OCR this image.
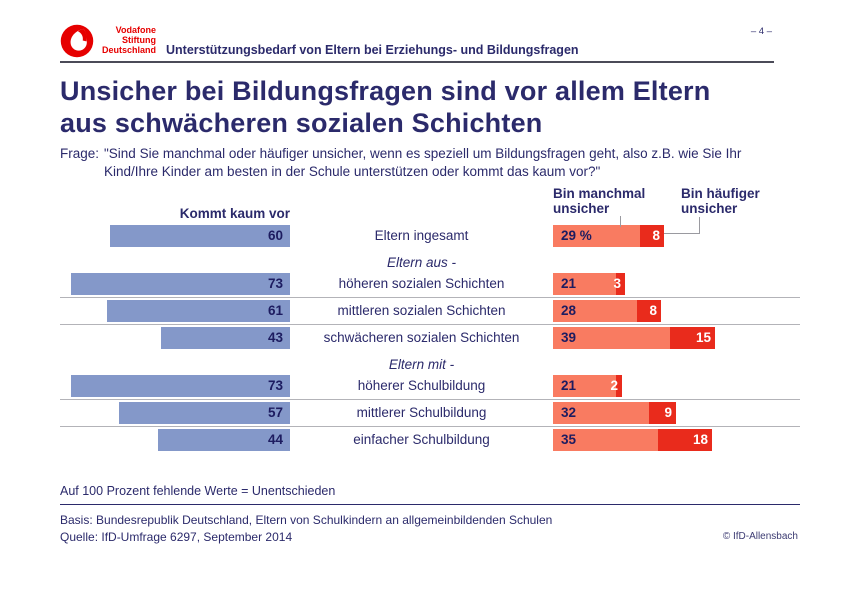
Vodafone
Stiftung
Deutschland Unterstützungsbedarf von Eltern bei Erziehungs- und Bildungsfragen
– 4 –
Unsicher bei Bildungsfragen sind vor allem Eltern
aus schwächeren sozialen Schichten
Frage: "Sind Sie manchmal oder häufiger unsicher, wenn es speziell um Bildungsfragen geht, also z.B. wie Sie Ihr Kind/Ihre Kinder am besten in der Schule unterstützen oder kommt das kaum vor?"
Kommt kaum vor
Bin manchmal
unsicher
Bin häufiger
unsicher
60	Eltern ingesamt	29 %	8
Eltern aus -
73	höheren sozialen Schichten	21	3
61	mittleren sozialen Schichten	28	8
43	schwächeren sozialen Schichten	39	15
Eltern mit -
73	höherer Schulbildung	21	2
57	mittlerer Schulbildung	32	9
44	einfacher Schulbildung	35	18
Auf 100 Prozent fehlende Werte = Unentschieden
Basis: Bundesrepublik Deutschland, Eltern von Schulkindern an allgemeinbildenden Schulen
Quelle: IfD-Umfrage 6297, September 2014	© IfD-Allensbach
